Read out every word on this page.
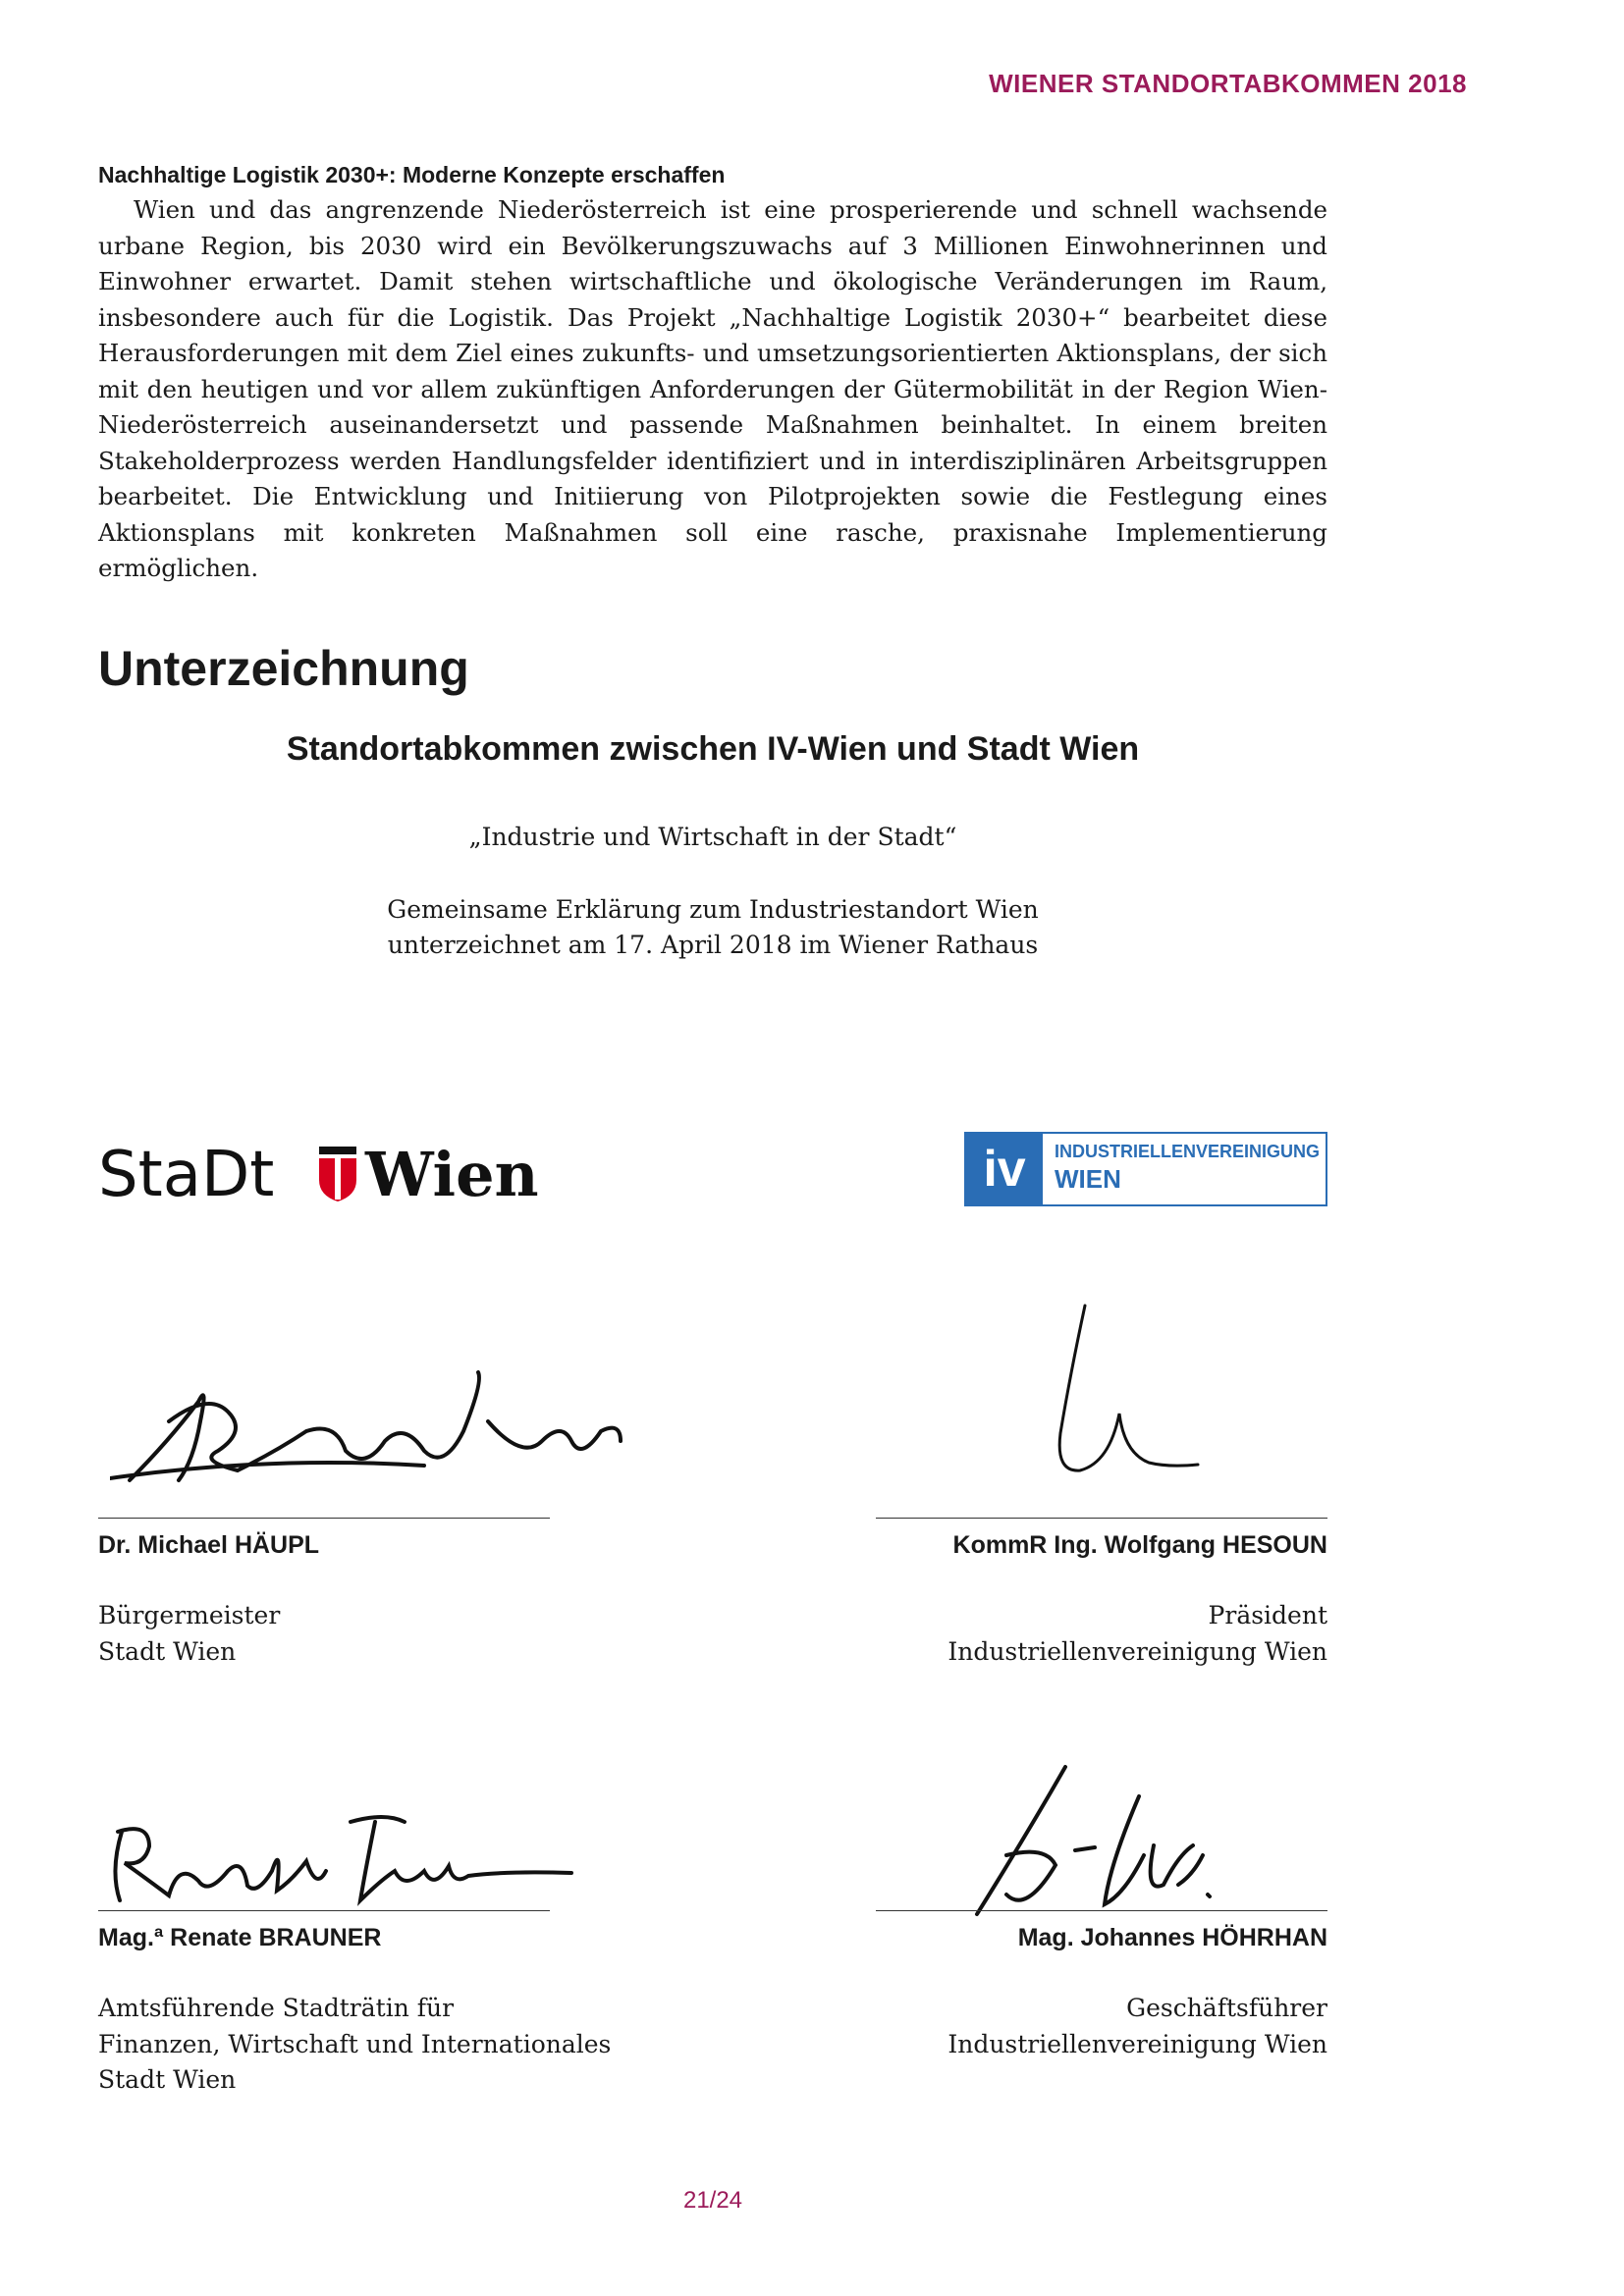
WIENER STANDORTABKOMMEN 2018

Nachhaltige Logistik 2030+: Moderne Konzepte erschaffen

Wien und das angrenzende Niederösterreich ist eine prosperierende und schnell wachsende urbane Region, bis 2030 wird ein Bevölkerungszuwachs auf 3 Millionen Einwohnerinnen und Einwohner erwartet. Damit stehen wirtschaftliche und ökologische Veränderungen im Raum, insbesondere auch für die Logistik. Das Projekt „Nachhaltige Logistik 2030+“ bearbeitet diese Herausforderungen mit dem Ziel eines zukunfts- und umsetzungsorientierten Aktionsplans, der sich mit den heutigen und vor allem zukünftigen Anforderungen der Gütermobilität in der Region Wien-Niederösterreich auseinandersetzt und passende Maßnahmen beinhaltet. In einem breiten Stakeholderprozess werden Handlungsfelder identifiziert und in interdisziplinären Arbeitsgruppen bearbeitet. Die Entwicklung und Initiierung von Pilotprojekten sowie die Festlegung eines Aktionsplans mit konkreten Maßnahmen soll eine rasche, praxisnahe Implementierung ermöglichen.

Unterzeichnung
Standortabkommen zwischen IV-Wien und Stadt Wien

„Industrie und Wirtschaft in der Stadt“

Gemeinsame Erklärung zum Industriestandort Wien

unterzeichnet am 17. April 2018 im Wiener Rathaus

StaDt Wien	iv	INDUSTRIELLENVEREINIGUNG
WIEN

Dr. Michael HÄUPL	KommR Ing. Wolfgang HESOUN

Bürgermeister
Stadt Wien
Präsident
Industriellenvereinigung Wien

Mag.ª Renate BRAUNER	Mag. Johannes HÖHRHAN

Amtsführende Stadträtin für
Finanzen, Wirtschaft und Internationales
Stadt Wien
Geschäftsführer
Industriellenvereinigung Wien
21/24
